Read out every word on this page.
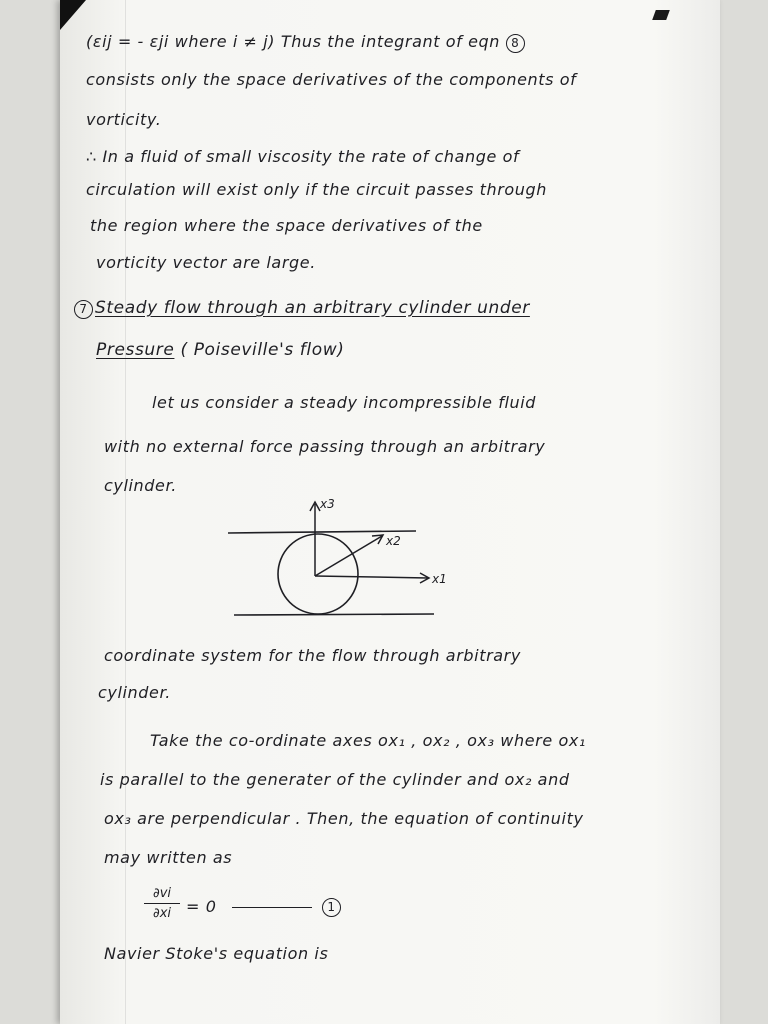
(εij = - εji where i ≠ j) Thus the integrant of eqn 8
consists only the space derivatives of the components of
vorticity.
∴ In a fluid of small viscosity the rate of change of
circulation will exist only if the circuit passes through
the region where the space derivatives of the
vorticity vector are large.
7 Steady flow through an arbitrary cylinder under
Pressure ( Poiseville's flow)
let us consider a steady incompressible fluid
with no external force passing through an arbitrary
cylinder.
x3
x2
x1
coordinate system for the flow through arbitrary
cylinder.
Take the co-ordinate axes ox₁ , ox₂ , ox₃ where ox₁
is parallel to the generater of the cylinder and ox₂ and
ox₃ are perpendicular . Then, the equation of continuity
may written as
∂vi
∂xi = 0	1
Navier Stoke's equation is
